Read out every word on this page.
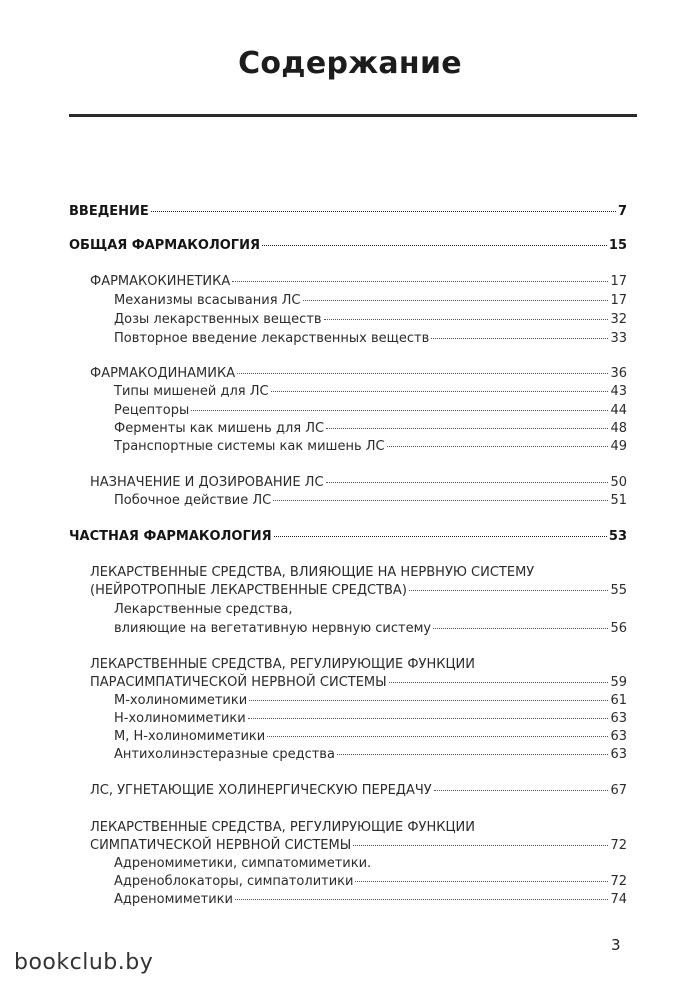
Содержание
ВВЕДЕНИЕ	7
ОБЩАЯ ФАРМАКОЛОГИЯ	15
ФАРМАКОКИНЕТИКА	17
Механизмы всасывания ЛС	17
Дозы лекарственных веществ	32
Повторное введение лекарственных веществ	33
ФАРМАКОДИНАМИКА	36
Типы мишеней для ЛС	43
Рецепторы	44
Ферменты как мишень для ЛС	48
Транспортные системы как мишень ЛС	49
НАЗНАЧЕНИЕ И ДОЗИРОВАНИЕ ЛС	50
Побочное действие ЛС	51
ЧАСТНАЯ ФАРМАКОЛОГИЯ	53
ЛЕКАРСТВЕННЫЕ СРЕДСТВА, ВЛИЯЮЩИЕ НА НЕРВНУЮ СИСТЕМУ
(НЕЙРОТРОПНЫЕ ЛЕКАРСТВЕННЫЕ СРЕДСТВА)	55
Лекарственные средства,
влияющие на вегетативную нервную систему	56
ЛЕКАРСТВЕННЫЕ СРЕДСТВА, РЕГУЛИРУЮЩИЕ ФУНКЦИИ
ПАРАСИМПАТИЧЕСКОЙ НЕРВНОЙ СИСТЕМЫ	59
М-холиномиметики	61
Н-холиномиметики	63
М, Н-холиномиметики	63
Антихолинэстеразные средства	63
ЛС, УГНЕТАЮЩИЕ ХОЛИНЕРГИЧЕСКУЮ ПЕРЕДАЧУ	67
ЛЕКАРСТВЕННЫЕ СРЕДСТВА, РЕГУЛИРУЮЩИЕ ФУНКЦИИ
СИМПАТИЧЕСКОЙ НЕРВНОЙ СИСТЕМЫ	72
Адреномиметики, симпатомиметики.
Адреноблокаторы, симпатолитики	72
Адреномиметики	74
3
bookclub.by
